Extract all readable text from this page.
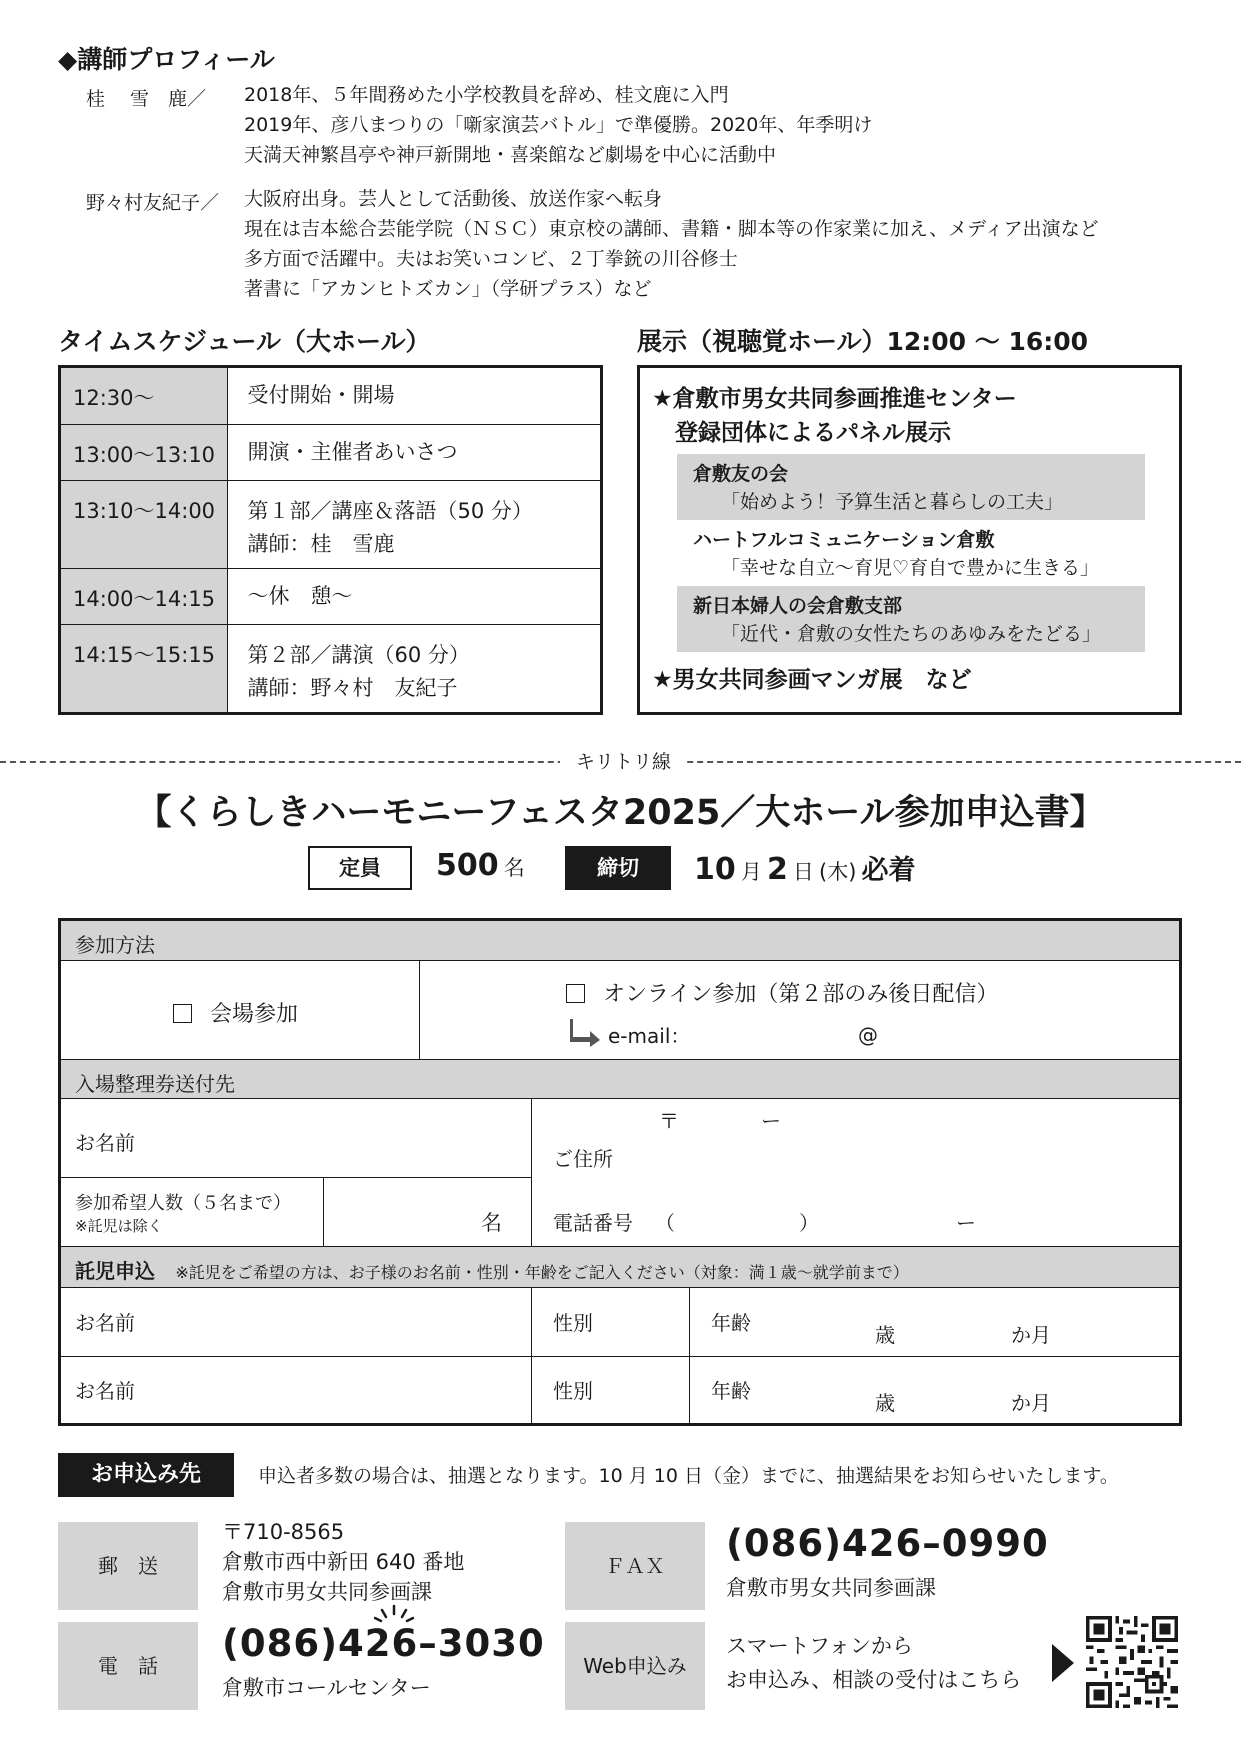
◆講師プロフィール
桂　 雪　鹿／ 2018年、５年間務めた小学校教員を辞め、桂文鹿に入門
2019年、彦八まつりの「噺家演芸バトル」で準優勝。2020年、年季明け
天満天神繁昌亭や神戸新開地・喜楽館など劇場を中心に活動中
野々村友紀子／ 大阪府出身。芸人として活動後、放送作家へ転身
現在は吉本総合芸能学院（ＮＳＣ）東京校の講師、書籍・脚本等の作家業に加え、メディア出演など
多方面で活躍中。夫はお笑いコンビ、２丁拳銃の川谷修士
著書に「アカンヒトズカン」（学研プラス）など
タイムスケジュール（大ホール）
12:30～	受付開始・開場
13:00～13:10	開演・主催者あいさつ
13:10～14:00	第１部／講座＆落語（50 分）
講師：桂　雪鹿

14:00～14:15	～休　憩～
14:15～15:15	第２部／講演（60 分）
講師：野々村　友紀子
展示（視聴覚ホール）12:00 ～ 16:00
★倉敷市男女共同参画推進センター
　登録団体によるパネル展示
倉敷友の会
「始めよう！予算生活と暮らしの工夫」
ハートフルコミュニケーション倉敷
「幸せな自立～育児♡育自で豊かに生きる」
新日本婦人の会倉敷支部
「近代・倉敷の女性たちのあゆみをたどる」
★男女共同参画マンガ展　など
キリトリ線
【くらしきハーモニーフェスタ2025／大ホール参加申込書】
定員	500 名	締切	10 月 2 日 (木) 必着
参加方法
会場参加
オンライン参加（第２部のみ後日配信）
e-mail：	@
入場整理券送付先
お名前
参加希望人数（５名まで）
※託児は除く	名
〒	ー
ご住所
電話番号 （	）	ー
託児申込 ※託児をご希望の方は、お子様のお名前・性別・年齢をご記入ください（対象：満１歳～就学前まで）
お名前	性別	年齢	歳	か月
お名前	性別	年齢	歳	か月
お申込み先	申込者多数の場合は、抽選となります。10 月 10 日（金）までに、抽選結果をお知らせいたします。
郵　送
〒710-8565
倉敷市西中新田 640 番地
倉敷市男女共同参画課
ＦＡＸ
(086)426–0990
倉敷市男女共同参画課
電　話
(086)426–3030
倉敷市コールセンター
Web申込み
スマートフォンから
お申込み、相談の受付はこちら
